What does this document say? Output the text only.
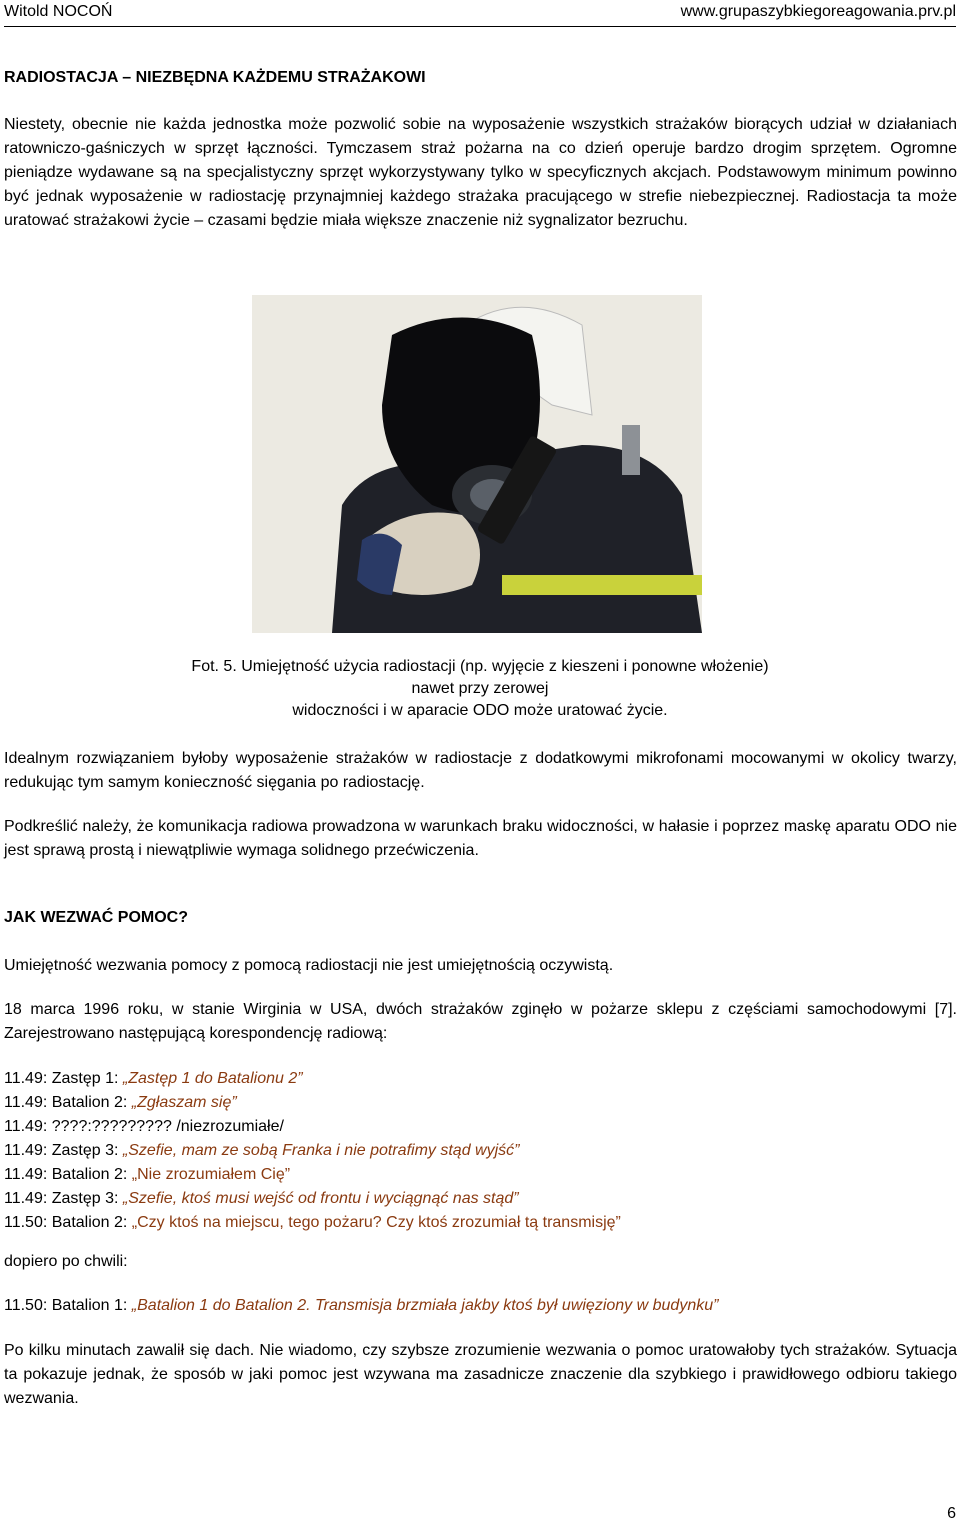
Witold NOCOŃ	www.grupaszybkiegoreagowania.prv.pl
RADIOSTACJA – NIEZBĘDNA KAŻDEMU STRAŻAKOWI
Niestety, obecnie nie każda jednostka może pozwolić sobie na wyposażenie wszystkich strażaków biorących udział w działaniach ratowniczo-gaśniczych w sprzęt łączności. Tymczasem straż pożarna na co dzień operuje bardzo drogim sprzętem. Ogromne pieniądze wydawane są na specjalistyczny sprzęt wykorzystywany tylko w specyficznych akcjach. Podstawowym minimum powinno być jednak wyposażenie w radiostację przynajmniej każdego strażaka pracującego w strefie niebezpiecznej. Radiostacja ta może uratować strażakowi życie – czasami będzie miała większe znaczenie niż sygnalizator bezruchu.
Fot. 5. Umiejętność użycia radiostacji (np. wyjęcie z kieszeni i ponowne włożenie) nawet przy zerowej
widoczności i w aparacie ODO może uratować życie.
Idealnym rozwiązaniem byłoby wyposażenie strażaków w radiostacje z dodatkowymi mikrofonami mocowanymi w okolicy twarzy, redukując tym samym konieczność sięgania po radiostację.
Podkreślić należy, że komunikacja radiowa prowadzona w warunkach braku widoczności, w hałasie i poprzez maskę aparatu ODO nie jest sprawą prostą i niewątpliwie wymaga solidnego przećwiczenia.
JAK WEZWAĆ POMOC?
Umiejętność wezwania pomocy z pomocą radiostacji nie jest umiejętnością oczywistą.
18 marca 1996 roku, w stanie Wirginia w USA, dwóch strażaków zginęło w pożarze sklepu z częściami samochodowymi [7]. Zarejestrowano następującą korespondencję radiową:
11.49: Zastęp 1: „Zastęp 1 do Batalionu 2”
11.49: Batalion 2: „Zgłaszam się”
11.49: ????:????????? /niezrozumiałe/
11.49: Zastęp 3: „Szefie, mam ze sobą Franka i nie potrafimy stąd wyjść”
11.49: Batalion 2: „Nie zrozumiałem Cię”
11.49: Zastęp 3: „Szefie, ktoś musi wejść od frontu i wyciągnąć nas stąd”
11.50: Batalion 2: „Czy ktoś na miejscu, tego pożaru? Czy ktoś zrozumiał tą transmisję”
dopiero po chwili:
11.50: Batalion 1: „Batalion 1 do Batalion 2. Transmisja brzmiała jakby ktoś był uwięziony w budynku”
Po kilku minutach zawalił się dach. Nie wiadomo, czy szybsze zrozumienie wezwania o pomoc uratowałoby tych strażaków. Sytuacja ta pokazuje jednak, że sposób w jaki pomoc jest wzywana ma zasadnicze znaczenie dla szybkiego i prawidłowego odbioru takiego wezwania.
6
